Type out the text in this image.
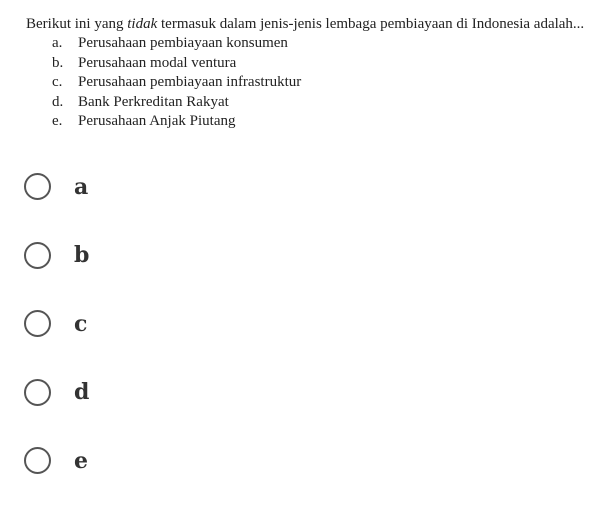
Berikut ini yang tidak termasuk dalam jenis-jenis lembaga pembiayaan di Indonesia adalah...

a.	Perusahaan pembiayaan konsumen
b. Perusahaan modal ventura
c.	Perusahaan pembiayaan infrastruktur
d. Bank Perkreditan Rakyat
e.	Perusahaan Anjak Piutang
a
b
c
d
e
